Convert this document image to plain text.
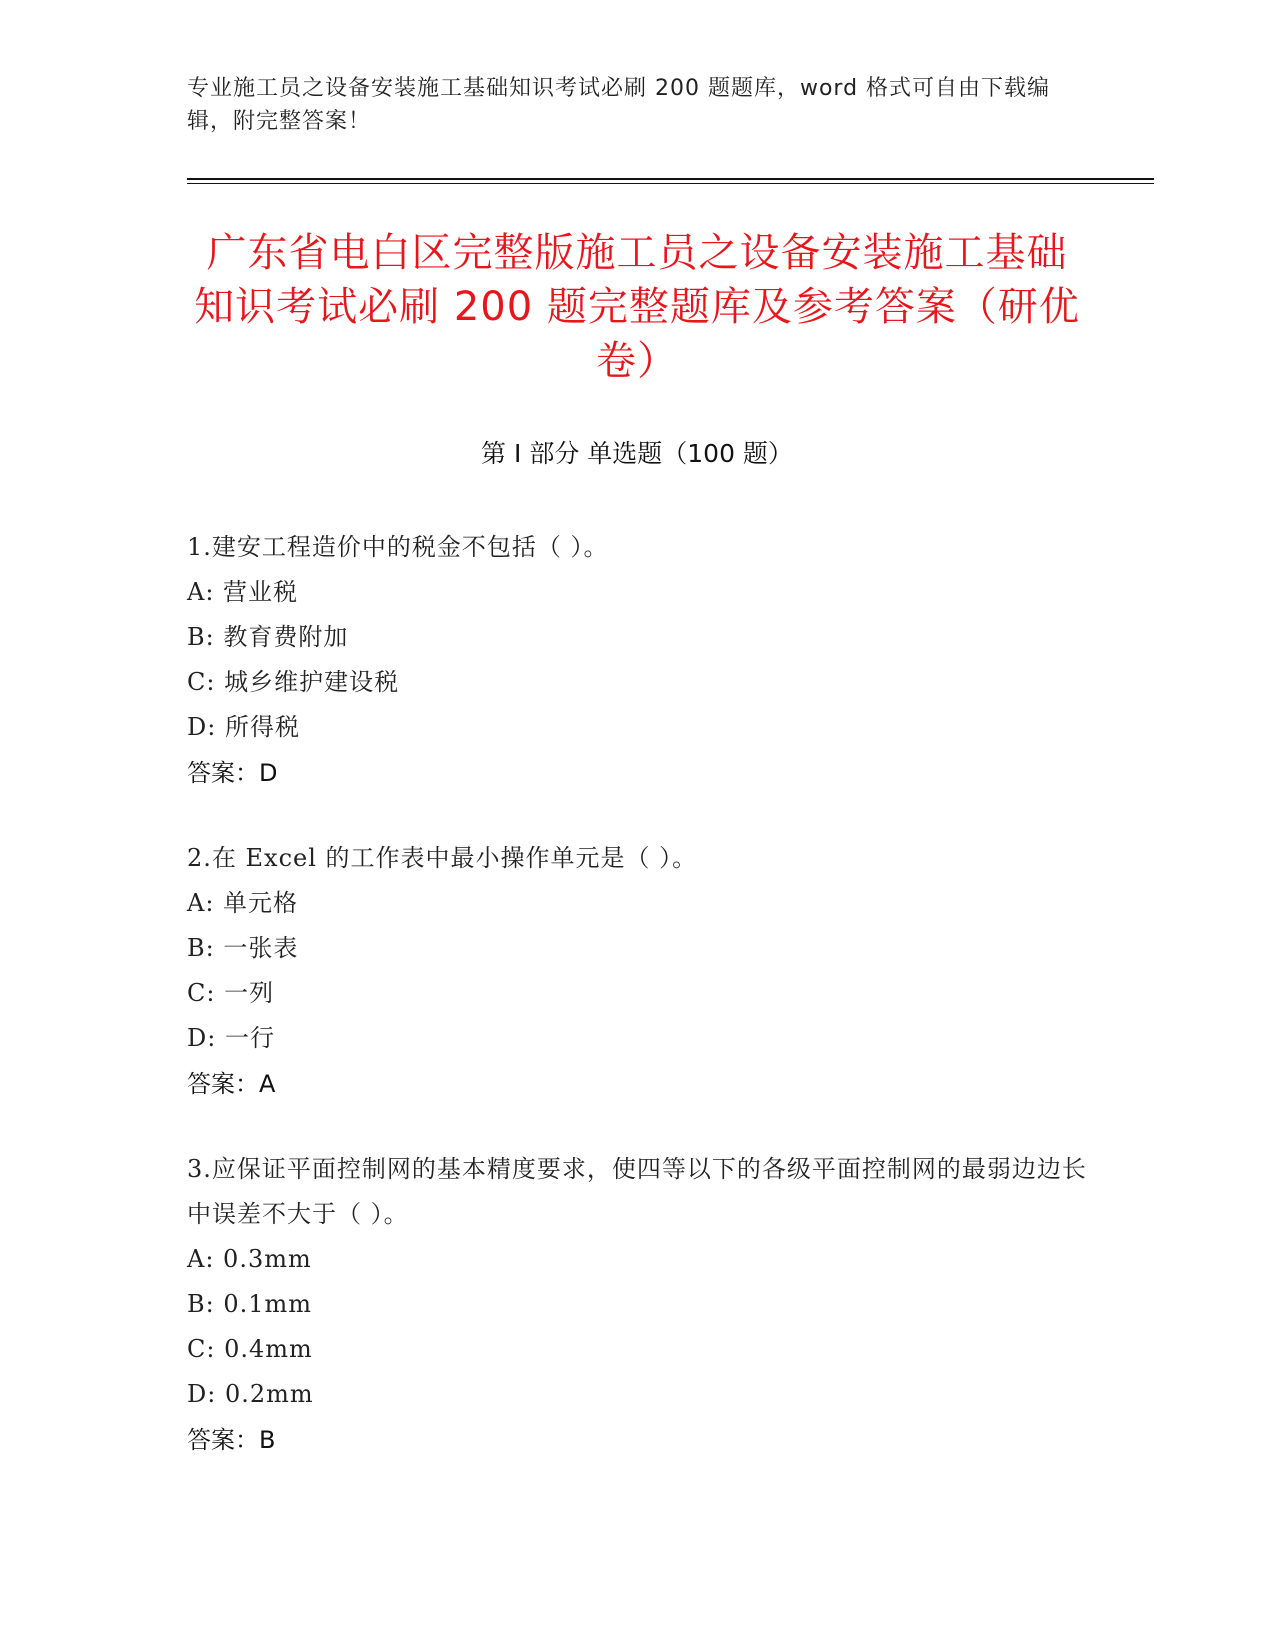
专业施工员之设备安装施工基础知识考试必刷 200 题题库，word 格式可自由下载编辑，附完整答案！
广东省电白区完整版施工员之设备安装施工基础知识考试必刷 200 题完整题库及参考答案（研优卷）
第 I 部分 单选题（100 题）
1.建安工程造价中的税金不包括（ ）。
A: 营业税
B: 教育费附加
C: 城乡维护建设税
D: 所得税
答案：D
2.在 Excel 的工作表中最小操作单元是（ ）。
A: 单元格
B: 一张表
C: 一列
D: 一行
答案：A
3.应保证平面控制网的基本精度要求，使四等以下的各级平面控制网的最弱边边长中误差不大于（ ）。
A: 0.3mm
B: 0.1mm
C: 0.4mm
D: 0.2mm
答案：B
